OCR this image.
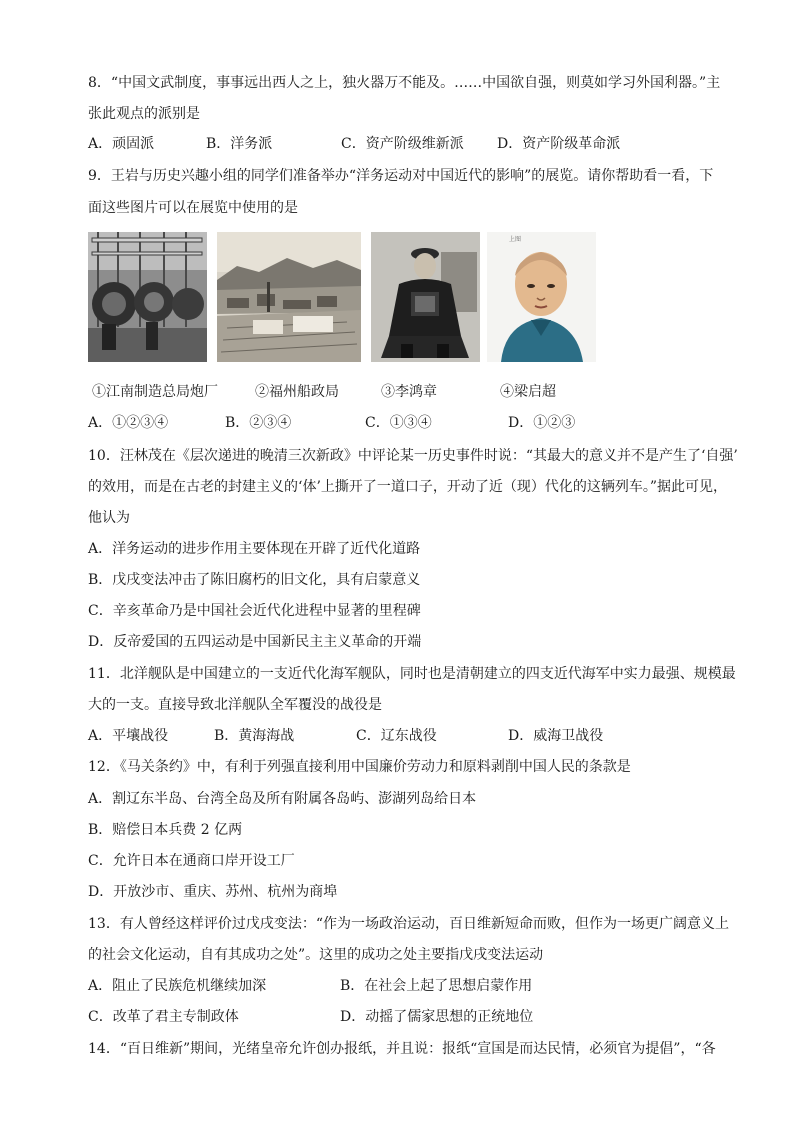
8．“中国文武制度，事事远出西人之上，独火器万不能及。……中国欲自强，则莫如学习外国利器。”主
张此观点的派别是
A．顽固派	B．洋务派	C．资产阶级维新派 D．资产阶级革命派
9．王岩与历史兴趣小组的同学们准备举办“洋务运动对中国近代的影响”的展览。请你帮助看一看，下
面这些图片可以在展览中使用的是
上图
①江南制造总局炮厂	②福州船政局	③李鸿章	④梁启超
A．①②③④	B．②③④	C．①③④	D．①②③
10．汪林茂在《层次递进的晚清三次新政》中评论某一历史事件时说：“其最大的意义并不是产生了‘自强’
的效用，而是在古老的封建主义的‘体’上撕开了一道口子，开动了近（现）代化的这辆列车。”据此可见，
他认为
A．洋务运动的进步作用主要体现在开辟了近代化道路
B．戊戌变法冲击了陈旧腐朽的旧文化，具有启蒙意义
C．辛亥革命乃是中国社会近代化进程中显著的里程碑
D．反帝爱国的五四运动是中国新民主主义革命的开端
11．北洋舰队是中国建立的一支近代化海军舰队，同时也是清朝建立的四支近代海军中实力最强、规模最
大的一支。直接导致北洋舰队全军覆没的战役是
A．平壤战役	B．黄海海战	C．辽东战役	D．威海卫战役
12．《马关条约》中，有利于列强直接利用中国廉价劳动力和原料剥削中国人民的条款是
A．割辽东半岛、台湾全岛及所有附属各岛屿、澎湖列岛给日本
B．赔偿日本兵费 2 亿两
C．允许日本在通商口岸开设工厂
D．开放沙市、重庆、苏州、杭州为商埠
13．有人曾经这样评价过戊戌变法：“作为一场政治运动，百日维新短命而败，但作为一场更广阔意义上
的社会文化运动，自有其成功之处”。这里的成功之处主要指戊戌变法运动
A．阻止了民族危机继续加深	B．在社会上起了思想启蒙作用
C．改革了君主专制政体	D．动摇了儒家思想的正统地位
14．“百日维新”期间，光绪皇帝允许创办报纸，并且说：报纸“宣国是而达民情，必须官为提倡”，“各
